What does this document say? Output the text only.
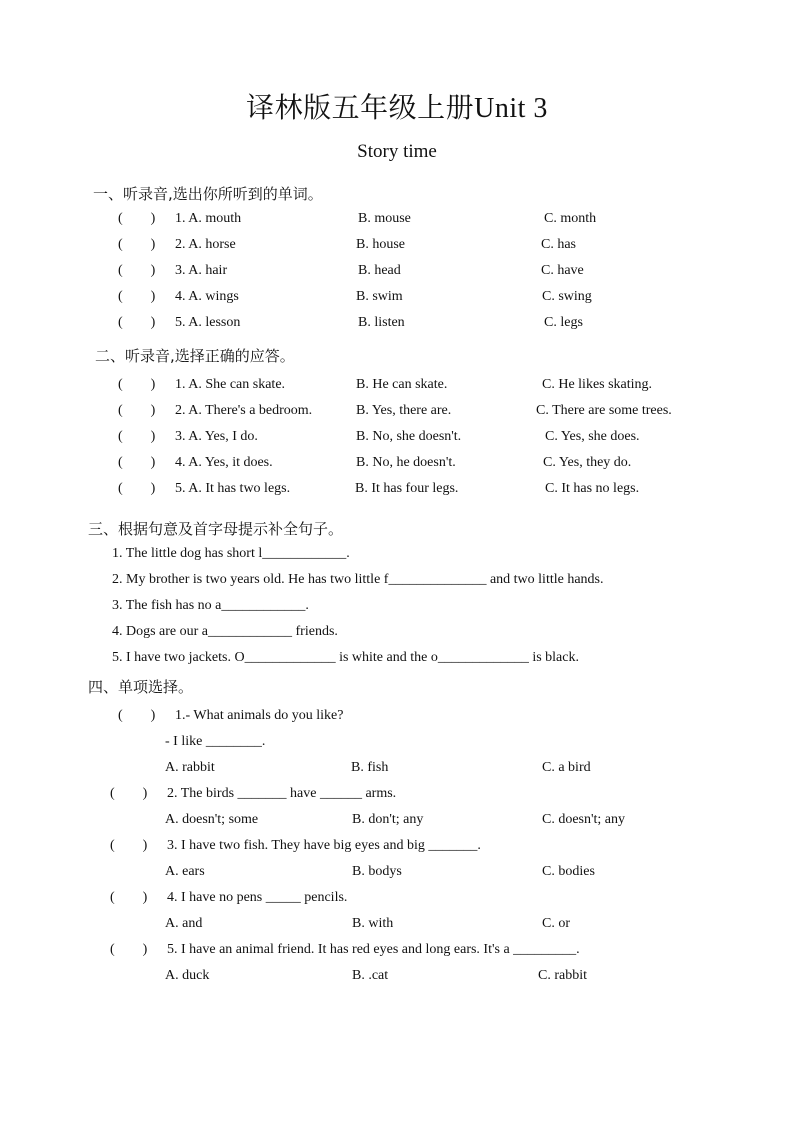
译林版五年级上册Unit 3
Story time
一、听录音,选出你所听到的单词。
(　　) 1. A. mouth	B. mouse	C. month
(　　) 2. A. horse	B. house	C. has
(　　) 3. A. hair	B. head	C. have
(　　) 4. A. wings	B. swim	C. swing
(　　) 5. A. lesson	B. listen	C. legs
二、听录音,选择正确的应答。
(　　) 1. A. She can skate.	B. He can skate.	C. He likes skating.
(　　) 2. A. There's a bedroom.	B. Yes, there are.	C. There are some trees.
(　　) 3. A. Yes, I do.	B. No, she doesn't.	C. Yes, she does.
(　　) 4. A. Yes, it does.	B. No, he doesn't.	C. Yes, they do.
(　　) 5. A. It has two legs.	B. It has four legs.	C. It has no legs.
三、根据句意及首字母提示补全句子。
1. The little dog has short l____________.
2. My brother is two years old. He has two little f______________ and two little hands.
3. The fish has no a____________.
4. Dogs are our a____________ friends.
5. I have two jackets. O_____________ is white and the o_____________ is black.
四、单项选择。
(　　) 1.- What animals do you like?
- I like ________.
A. rabbit	B. fish	C. a bird
(　　) 2. The birds _______ have ______ arms.
A. doesn't; some	B. don't; any	C. doesn't; any
(　　) 3. I have two fish. They have big eyes and big _______.
A. ears	B. bodys	C. bodies
(　　) 4. I have no pens _____ pencils.
A. and	B. with	C. or
(　　) 5. I have an animal friend. It has red eyes and long ears. It's a _________.
A. duck	B. .cat	C. rabbit
